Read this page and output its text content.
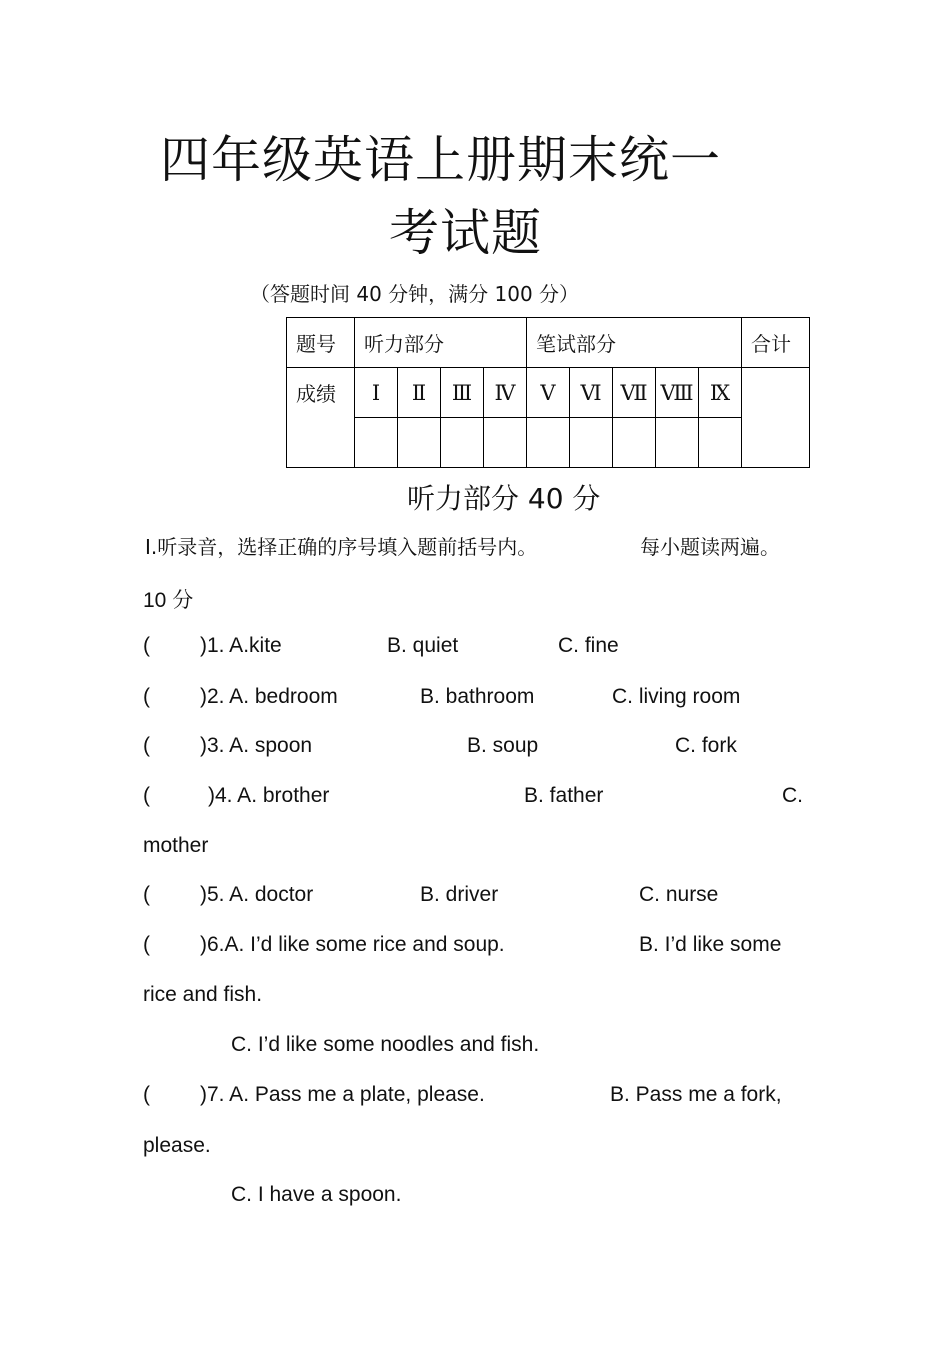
四年级英语上册期末统一
考试题
（答题时间 40 分钟，满分 100 分）
题号	听力部分				笔试部分					合计

成绩	Ⅰ	Ⅱ	Ⅲ	Ⅳ	Ⅴ	Ⅵ	Ⅶ	Ⅷ	Ⅸ	

听力部分 40 分
Ⅰ.听录音，选择正确的序号填入题前括号内。	每小题读两遍。
10 分
( )1. A.kite	B. quiet	C. fine
( )2. A. bedroom	B. bathroom	C. living room
( )3. A. spoon	B. soup	C. fork
(	)4. A. brother	B. father	C.
mother
( )5. A. doctor	B. driver	C. nurse
( )6.A. I’d like some rice and soup.	B. I’d like some
rice and fish.
C. I’d like some noodles and fish.
( )7. A. Pass me a plate, please.	B. Pass me a fork,
please.
C. I have a spoon.
